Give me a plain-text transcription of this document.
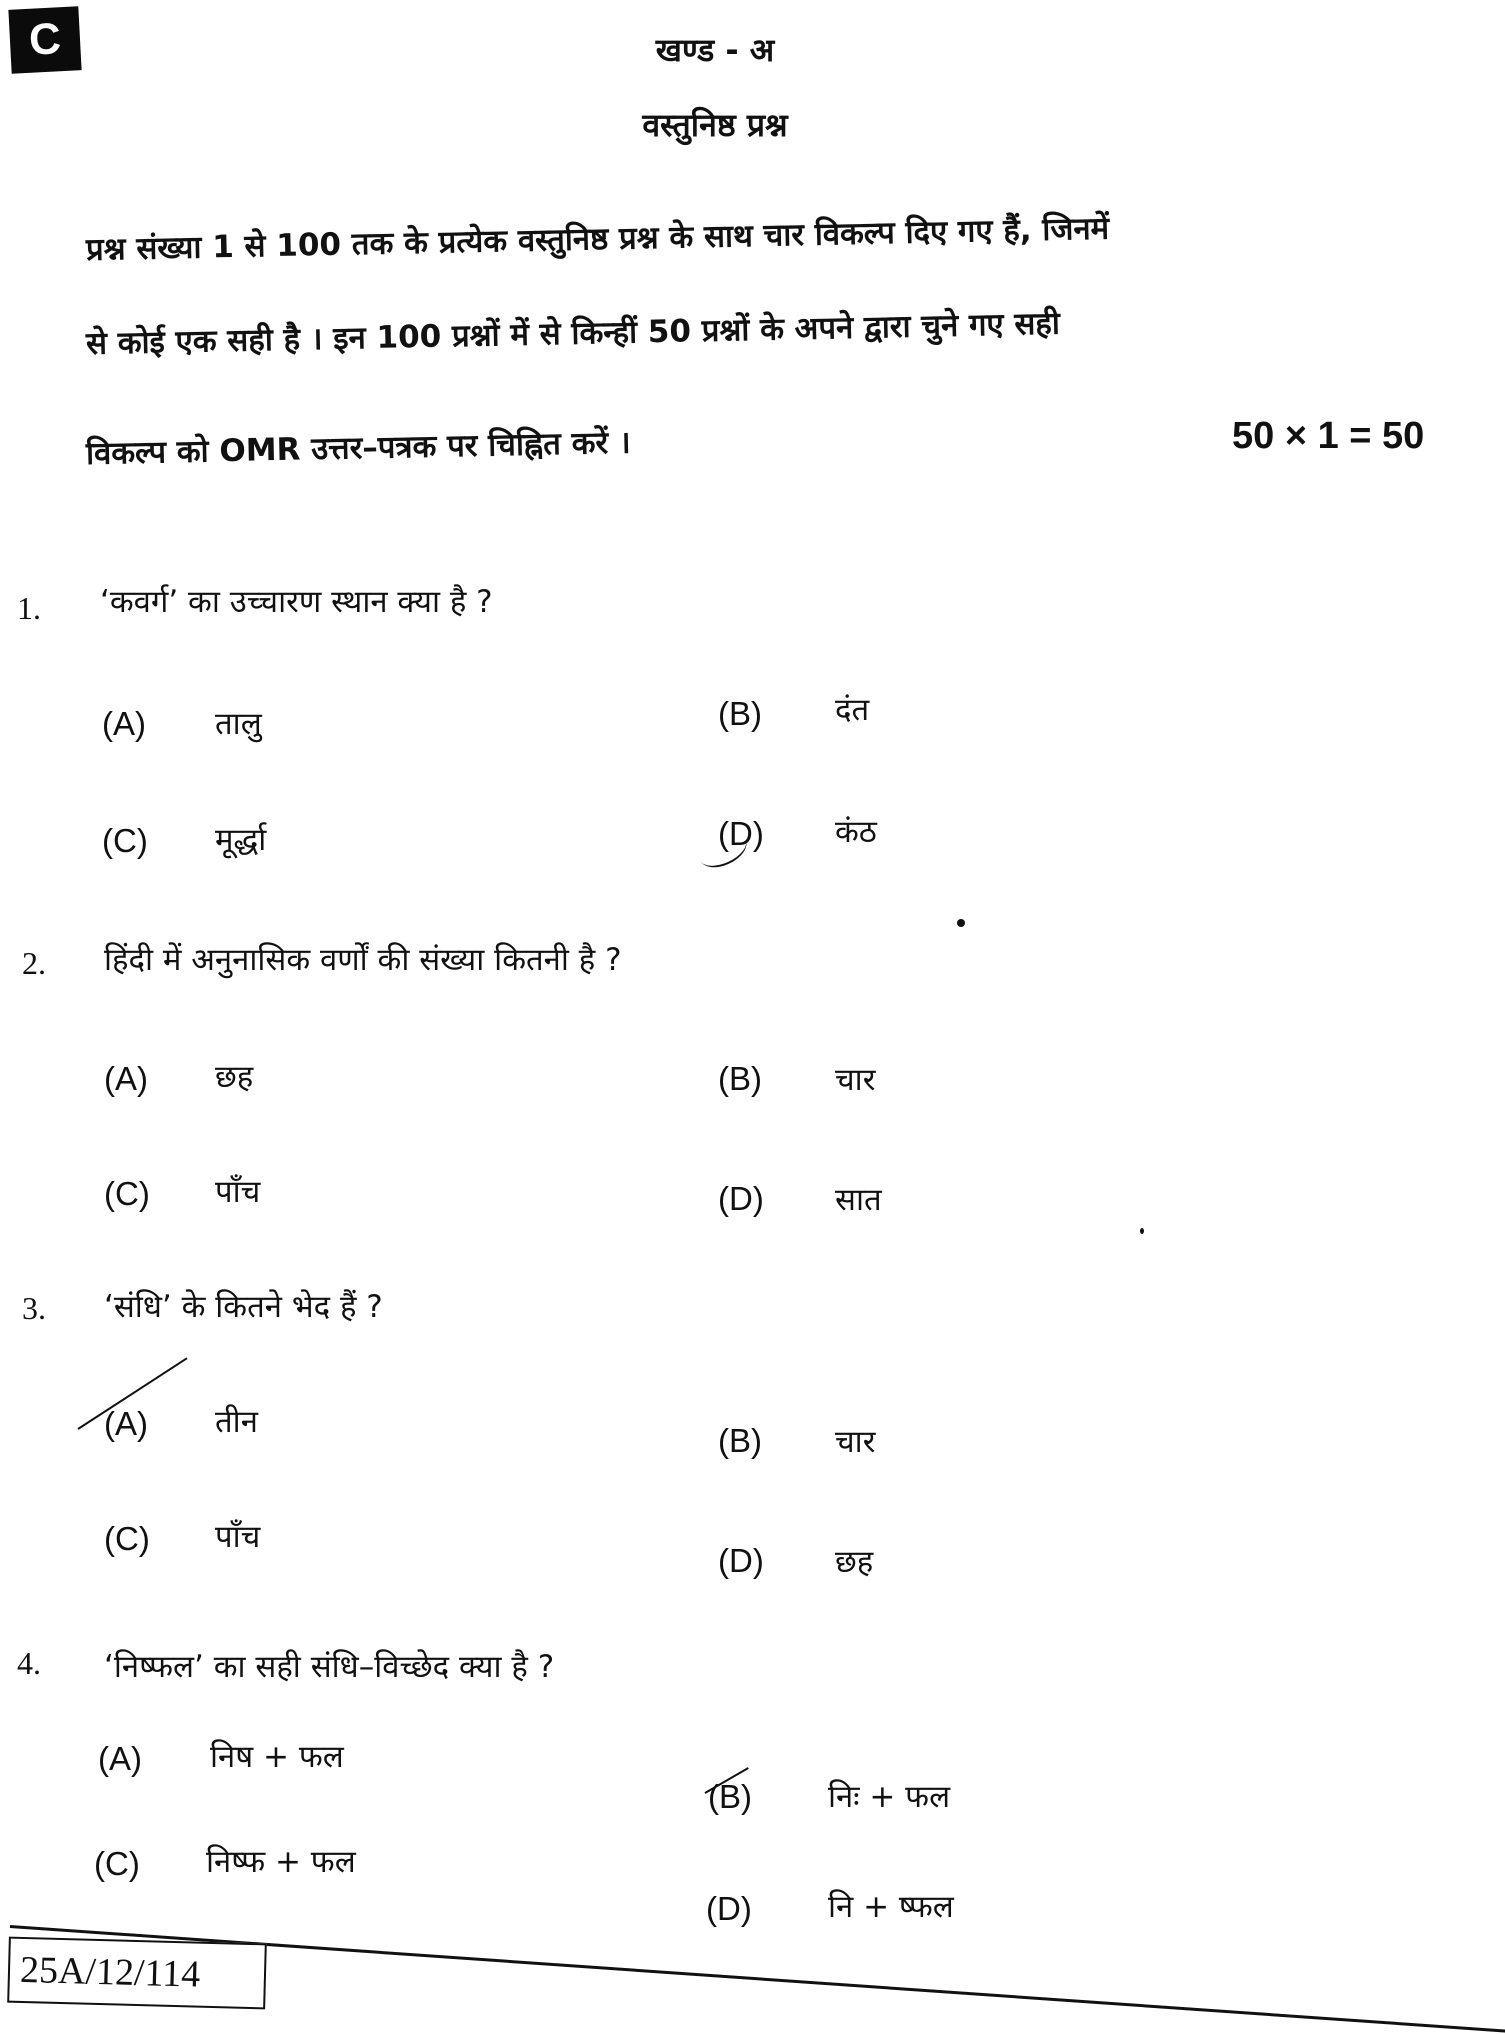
C	खण्ड - अ
वस्तुनिष्ठ प्रश्न
प्रश्न संख्या 1 से 100 तक के प्रत्येक वस्तुनिष्ठ प्रश्न के साथ चार विकल्प दिए गए हैं, जिनमें
से कोई एक सही है । इन 100 प्रश्नों में से किन्हीं 50 प्रश्नों के अपने द्वारा चुने गए सही
विकल्प को OMR उत्तर–पत्रक पर चिह्नित करें ।	50 × 1 = 50
1. ‘कवर्ग’ का उच्चारण स्थान क्या है ?
(A) तालु	(B) दंत
(C) मूर्द्धा	(D) कंठ
2. हिंदी में अनुनासिक वर्णों की संख्या कितनी है ?
(A) छह	(B) चार
(C) पाँच	(D) सात
3. ‘संधि’ के कितने भेद हैं ?
(A) तीन	(B) चार
(C) पाँच
(D) छह
4. ‘निष्फल’ का सही संधि–विच्छेद क्या है ?
(A) निष + फल
(B) निः + फल
(C) निष्फ + फल
(D) नि + ष्फल
25A/12/114
